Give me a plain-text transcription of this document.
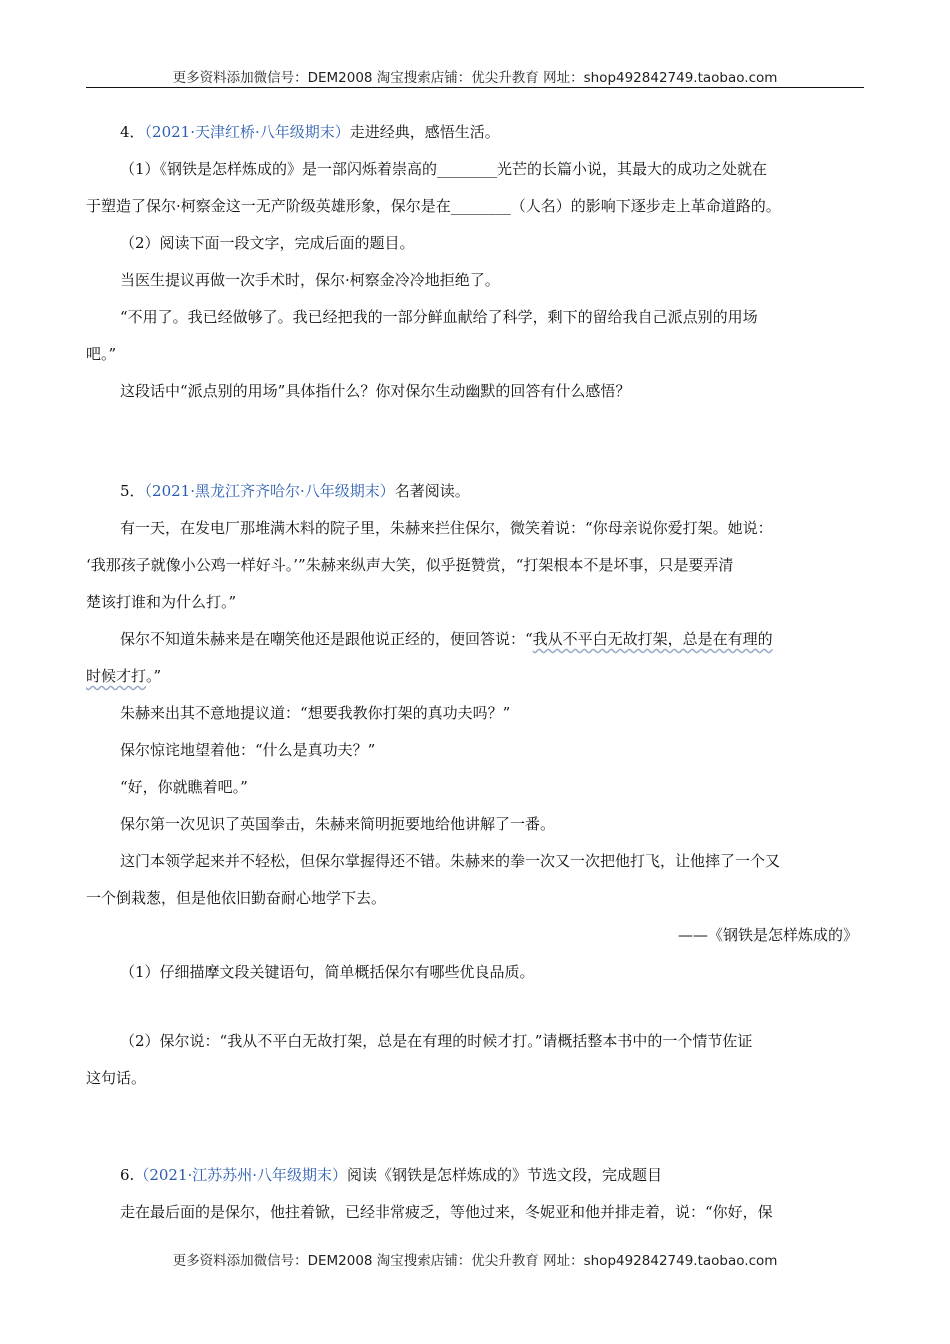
更多资料添加微信号：DEM2008 淘宝搜索店铺：优尖升教育 网址：shop492842749.taobao.com

4．（2021·天津红桥·八年级期末）走进经典，感悟生活。

（1）《钢铁是怎样炼成的》是一部闪烁着崇高的________光芒的长篇小说，其最大的成功之处就在

于塑造了保尔·柯察金这一无产阶级英雄形象，保尔是在________（人名）的影响下逐步走上革命道路的。

（2）阅读下面一段文字，完成后面的题目。

当医生提议再做一次手术时，保尔·柯察金冷冷地拒绝了。

“不用了。我已经做够了。我已经把我的一部分鲜血献给了科学，剩下的留给我自己派点别的用场

吧。”

这段话中“派点别的用场”具体指什么？你对保尔生动幽默的回答有什么感悟？

5．（2021·黑龙江齐齐哈尔·八年级期末）名著阅读。

有一天，在发电厂那堆满木料的院子里，朱赫来拦住保尔，微笑着说：“你母亲说你爱打架。她说：

‘我那孩子就像小公鸡一样好斗。’”朱赫来纵声大笑，似乎挺赞赏，“打架根本不是坏事，只是要弄清

楚该打谁和为什么打。”

保尔不知道朱赫来是在嘲笑他还是跟他说正经的，便回答说：“我从不平白无故打架，总是在有理的

时候才打。”

朱赫来出其不意地提议道：“想要我教你打架的真功夫吗？”

保尔惊诧地望着他：“什么是真功夫？”

“好，你就瞧着吧。”

保尔第一次见识了英国拳击，朱赫来简明扼要地给他讲解了一番。

这门本领学起来并不轻松，但保尔掌握得还不错。朱赫来的拳一次又一次把他打飞，让他摔了一个又

一个倒栽葱，但是他依旧勤奋耐心地学下去。

——《钢铁是怎样炼成的》

（1）仔细描摩文段关键语句，简单概括保尔有哪些优良品质。

（2）保尔说：“我从不平白无故打架，总是在有理的时候才打。”请概括整本书中的一个情节佐证

这句话。

6.（2021·江苏苏州·八年级期末）阅读《钢铁是怎样炼成的》节选文段，完成题目

走在最后面的是保尔，他拄着锨，已经非常疲乏，等他过来，冬妮亚和他并排走着，说：“你好，保

更多资料添加微信号：DEM2008 淘宝搜索店铺：优尖升教育 网址：shop492842749.taobao.com
